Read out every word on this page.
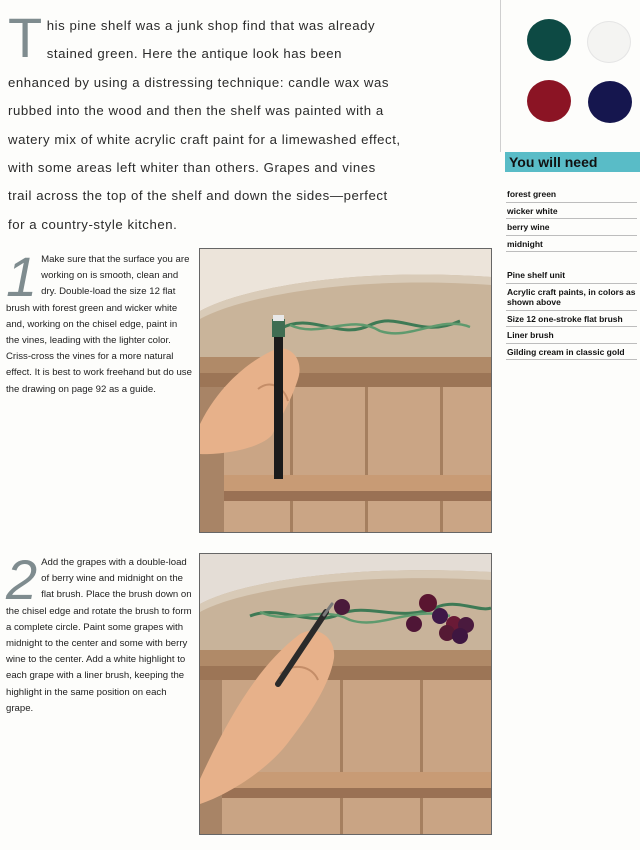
T his pine shelf was a junk shop find that was already stained green. Here the antique look has been enhanced by using a distressing technique: candle wax was rubbed into the wood and then the shelf was painted with a watery mix of white acrylic craft paint for a limewashed effect, with some areas left whiter than others. Grapes and vines trail across the top of the shelf and down the sides—perfect for a country-style kitchen.
You will need
forest green
wicker white
berry wine
midnight
Pine shelf unit
Acrylic craft paints, in colors as shown above
Size 12 one-stroke flat brush
Liner brush
Gilding cream in classic gold
1 Make sure that the surface you are working on is smooth, clean and dry. Double-load the size 12 flat brush with forest green and wicker white and, working on the chisel edge, paint in the vines, leading with the lighter color. Criss-cross the vines for a more natural effect. It is best to work freehand but do use the drawing on page 92 as a guide.
2 Add the grapes with a double-load of berry wine and midnight on the flat brush. Place the brush down on the chisel edge and rotate the brush to form a complete circle. Paint some grapes with midnight to the center and some with berry wine to the center. Add a white highlight to each grape with a liner brush, keeping the highlight in the same position on each grape.
